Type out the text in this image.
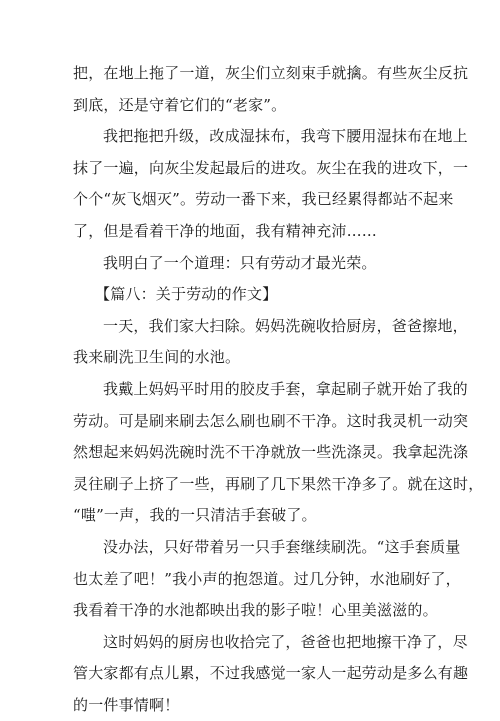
把，在地上拖了一道，灰尘们立刻束手就擒。有些灰尘反抗
到底，还是守着它们的“老家”。

我把拖把升级，改成湿抹布，我弯下腰用湿抹布在地上
抹了一遍，向灰尘发起最后的进攻。灰尘在我的进攻下，一
个个“灰飞烟灭”。劳动一番下来，我已经累得都站不起来
了，但是看着干净的地面，我有精神充沛……

我明白了一个道理：只有劳动才最光荣。

【篇八：关于劳动的作文】

一天，我们家大扫除。妈妈洗碗收拾厨房，爸爸擦地，
我来刷洗卫生间的水池。

我戴上妈妈平时用的胶皮手套，拿起刷子就开始了我的
劳动。可是刷来刷去怎么刷也刷不干净。这时我灵机一动突
然想起来妈妈洗碗时洗不干净就放一些洗涤灵。我拿起洗涤
灵往刷子上挤了一些，再刷了几下果然干净多了。就在这时，
“嗤”一声，我的一只清洁手套破了。

没办法，只好带着另一只手套继续刷洗。“这手套质量
也太差了吧！”我小声的抱怨道。过几分钟，水池刷好了，
我看着干净的水池都映出我的影子啦！心里美滋滋的。

这时妈妈的厨房也收拾完了，爸爸也把地擦干净了，尽
管大家都有点儿累，不过我感觉一家人一起劳动是多么有趣
的一件事情啊！
